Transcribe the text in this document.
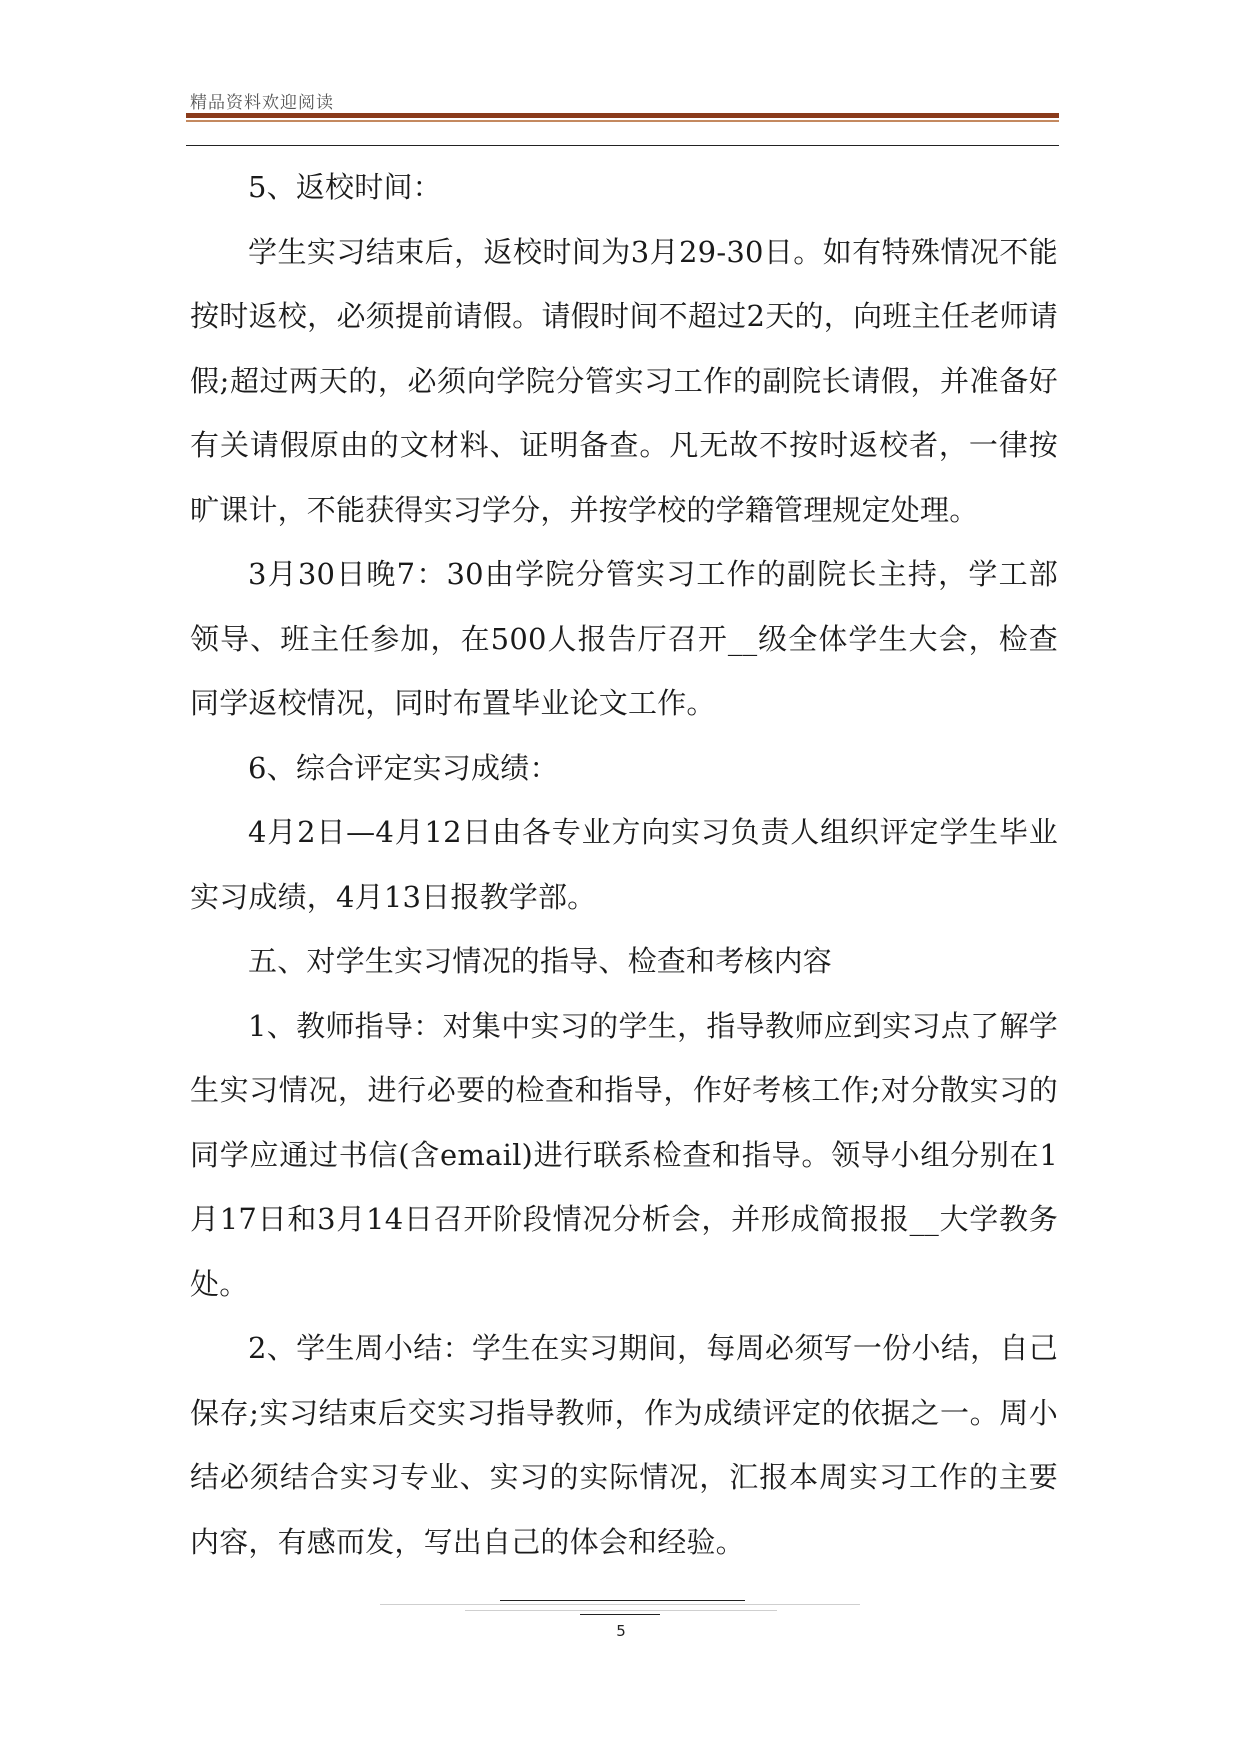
精品资料欢迎阅读

5、返校时间：

学生实习结束后，返校时间为3月29-30日。如有特殊情况不能按时返校，必须提前请假。请假时间不超过2天的，向班主任老师请假;超过两天的，必须向学院分管实习工作的副院长请假，并准备好有关请假原由的文材料、证明备查。凡无故不按时返校者，一律按旷课计，不能获得实习学分，并按学校的学籍管理规定处理。

3月30日晚7：30由学院分管实习工作的副院长主持，学工部领导、班主任参加，在500人报告厅召开__级全体学生大会，检查同学返校情况，同时布置毕业论文工作。

6、综合评定实习成绩：

4月2日—4月12日由各专业方向实习负责人组织评定学生毕业实习成绩，4月13日报教学部。

五、对学生实习情况的指导、检查和考核内容

1、教师指导：对集中实习的学生，指导教师应到实习点了解学生实习情况，进行必要的检查和指导，作好考核工作;对分散实习的同学应通过书信(含email)进行联系检查和指导。领导小组分别在1月17日和3月14日召开阶段情况分析会，并形成简报报__大学教务处。

2、学生周小结：学生在实习期间，每周必须写一份小结，自己保存;实习结束后交实习指导教师，作为成绩评定的依据之一。周小结必须结合实习专业、实习的实际情况，汇报本周实习工作的主要内容，有感而发，写出自己的体会和经验。

5
